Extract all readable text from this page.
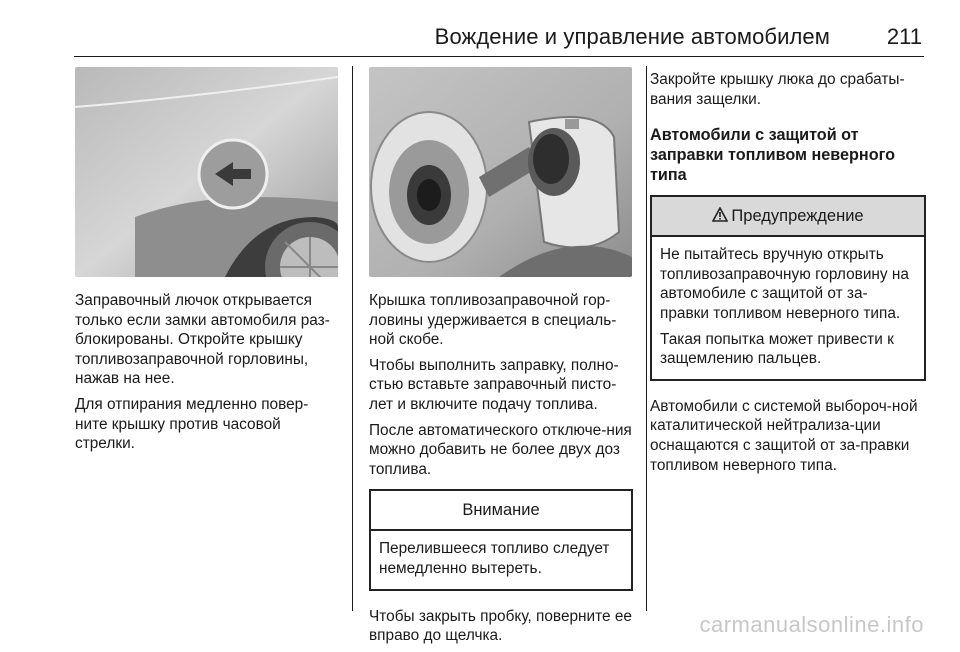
Вождение и управление автомобилем	211

Заправочный лючок открывается только если замки автомобиля раз-блокированы. Откройте крышку топливозаправочной горловины, нажав на нее.

Для отпирания медленно повер-ните крышку против часовой стрелки.

Крышка топливозаправочной гор-ловины удерживается в специаль-ной скобе.

Чтобы выполнить заправку, полно-стью вставьте заправочный писто-лет и включите подачу топлива.

После автоматического отключе-ния можно добавить не более двух доз топлива.

Внимание

Перелившееся топливо следует немедленно вытереть.

Чтобы закрыть пробку, поверните ее вправо до щелчка.

Закройте крышку люка до срабаты-вания защелки.

Автомобили с защитой от заправки топливом неверного типа
Предупреждение

Не пытайтесь вручную открыть топливозаправочную горловину на автомобиле с защитой от за-правки топливом неверного типа.

Такая попытка может привести к защемлению пальцев.

Автомобили с системой выбороч-ной каталитической нейтрализа-ции оснащаются с защитой от за-правки топливом неверного типа.

carmanualsonline.info
